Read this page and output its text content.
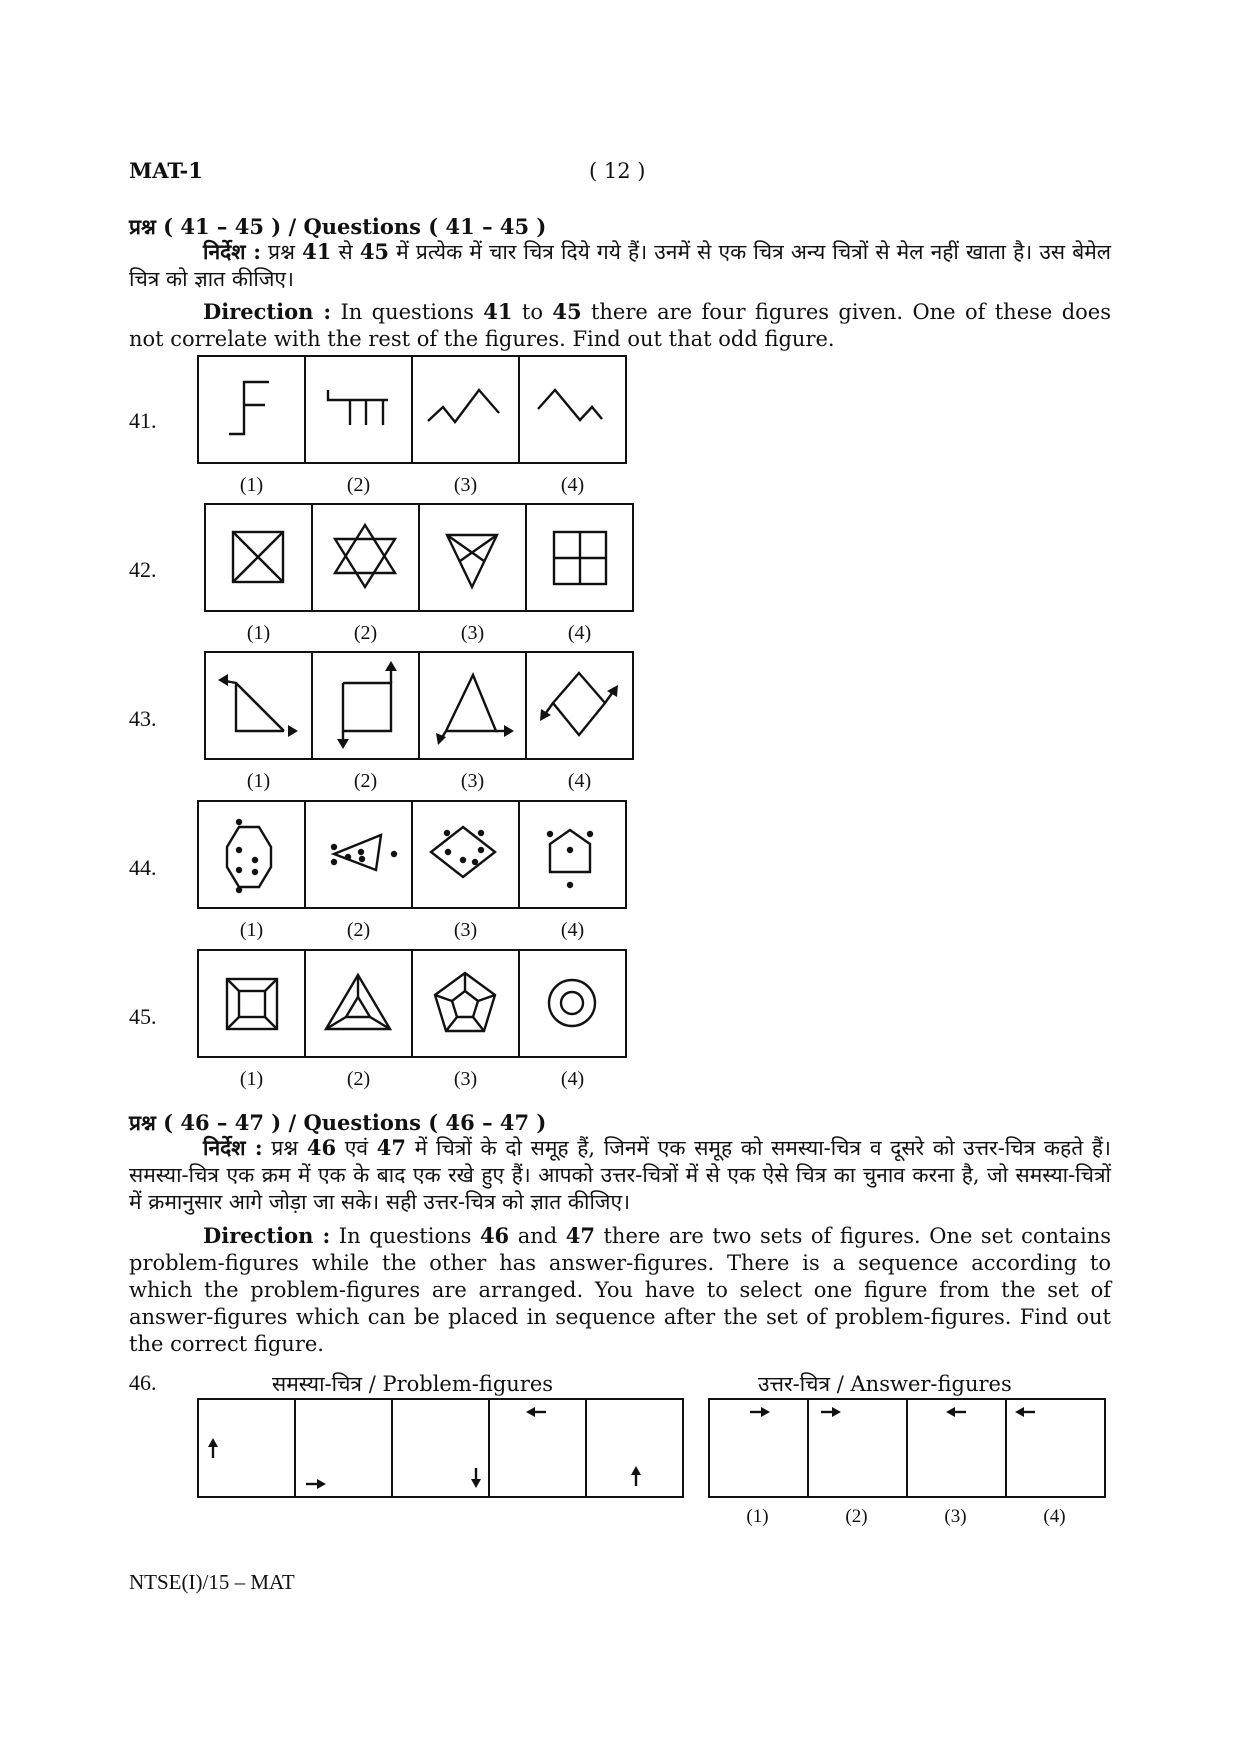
MAT-1	( 12 )
प्रश्न ( 41 – 45 ) / Questions ( 41 – 45 )
निर्देश : प्रश्न 41 से 45 में प्रत्येक में चार चित्र दिये गये हैं। उनमें से एक चित्र अन्य चित्रों से मेल नहीं खाता है। उस बेमेल चित्र को ज्ञात कीजिए।
Direction : In questions 41 to 45 there are four figures given. One of these does not correlate with the rest of the figures. Find out that odd figure.
41.
(1)	(2)	(3)	(4)
42.
(1)	(2)	(3)	(4)
43.
(1)	(2)	(3)	(4)
44.
(1)	(2)	(3)	(4)
45.
(1)	(2)	(3)	(4)
प्रश्न ( 46 – 47 ) / Questions ( 46 – 47 )
निर्देश : प्रश्न 46 एवं 47 में चित्रों के दो समूह हैं, जिनमें एक समूह को समस्या-चित्र व दूसरे को उत्तर-चित्र कहते हैं। समस्या-चित्र एक क्रम में एक के बाद एक रखे हुए हैं। आपको उत्तर-चित्रों में से एक ऐसे चित्र का चुनाव करना है, जो समस्या-चित्रों में क्रमानुसार आगे जोड़ा जा सके। सही उत्तर-चित्र को ज्ञात कीजिए।
Direction : In questions 46 and 47 there are two sets of figures. One set contains problem-figures while the other has answer-figures. There is a sequence according to which the problem-figures are arranged. You have to select one figure from the set of answer-figures which can be placed in sequence after the set of problem-figures. Find out the correct figure.
46.	समस्या-चित्र / Problem-figures	उत्तर-चित्र / Answer-figures
(1)	(2)	(3)	(4)
NTSE(I)/15 – MAT
